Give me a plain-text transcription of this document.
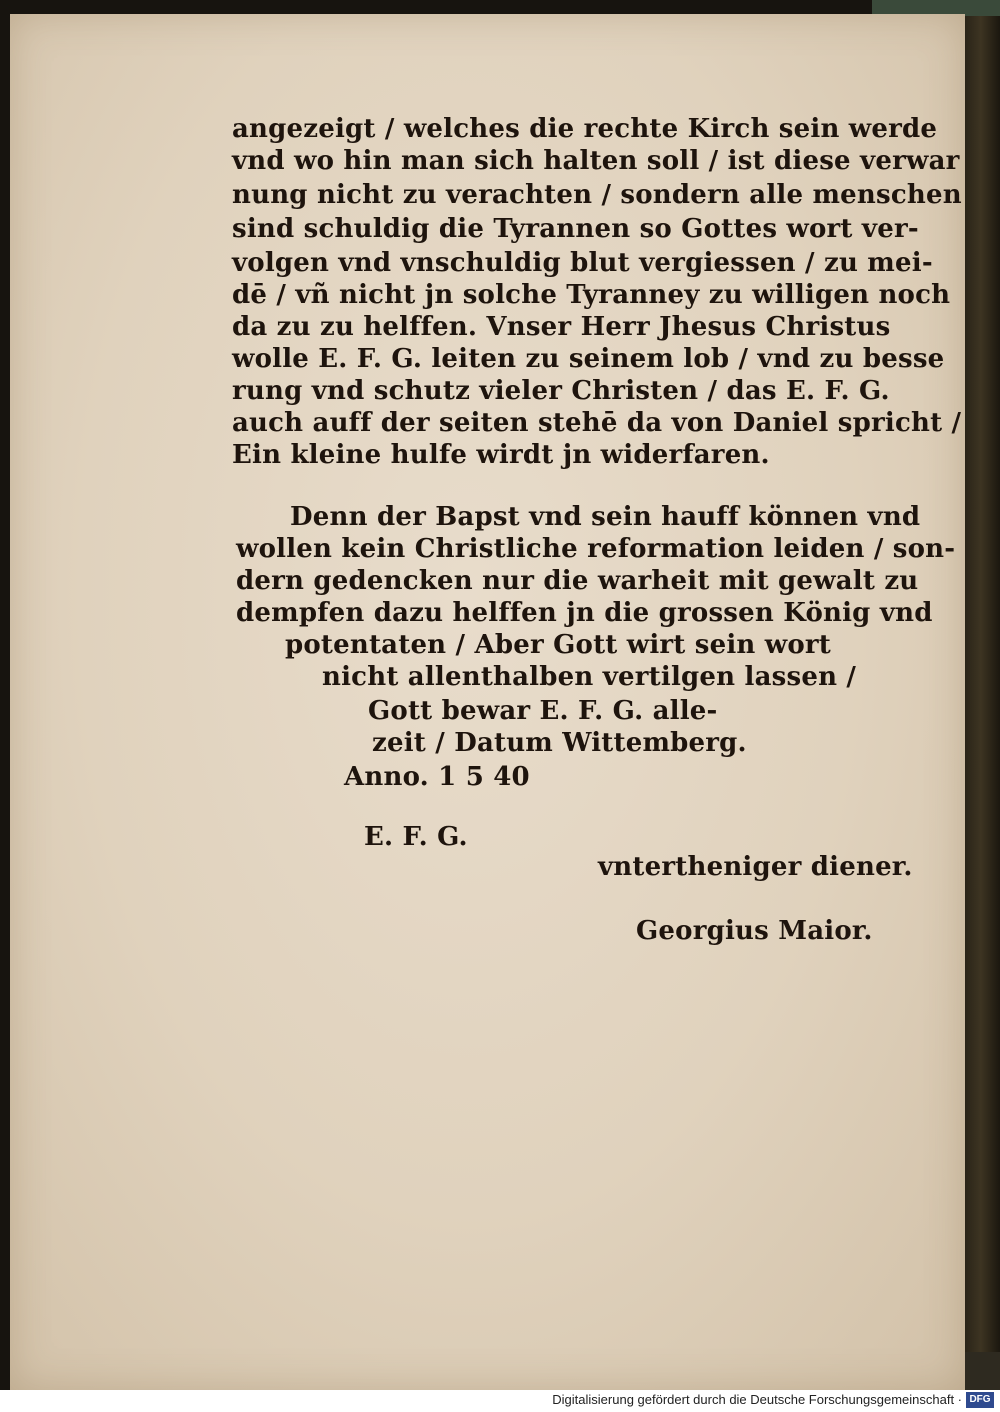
angezeigt / welches die rechte Kirch sein werde
vnd wo hin man sich halten soll / ist diese verwar
nung nicht zu verachten / sondern alle menschen
sind schuldig die Tyrannen so Gottes wort ver-
volgen vnd vnschuldig blut vergiessen / zu mei-
dē / vñ nicht jn solche Tyranney zu willigen noch
da zu zu helffen. Vnser Herr Jhesus Christus
wolle E. F. G. leiten zu seinem lob / vnd zu besse
rung vnd schutz vieler Christen / das E. F. G.
auch auff der seiten stehē da von Daniel spricht /
Ein kleine hulfe wirdt jn widerfaren.
Denn der Bapst vnd sein hauff können vnd
wollen kein Christliche reformation leiden / son-
dern gedencken nur die warheit mit gewalt zu
dempfen dazu helffen jn die grossen König vnd
potentaten / Aber Gott wirt sein wort
nicht allenthalben vertilgen lassen /
Gott bewar E. F. G. alle-
zeit / Datum Wittemberg.
Anno. 1 5 40
E. F. G.
vntertheniger diener.
Georgius Maior.
Digitalisierung gefördert durch die Deutsche Forschungsgemeinschaft · DFG
